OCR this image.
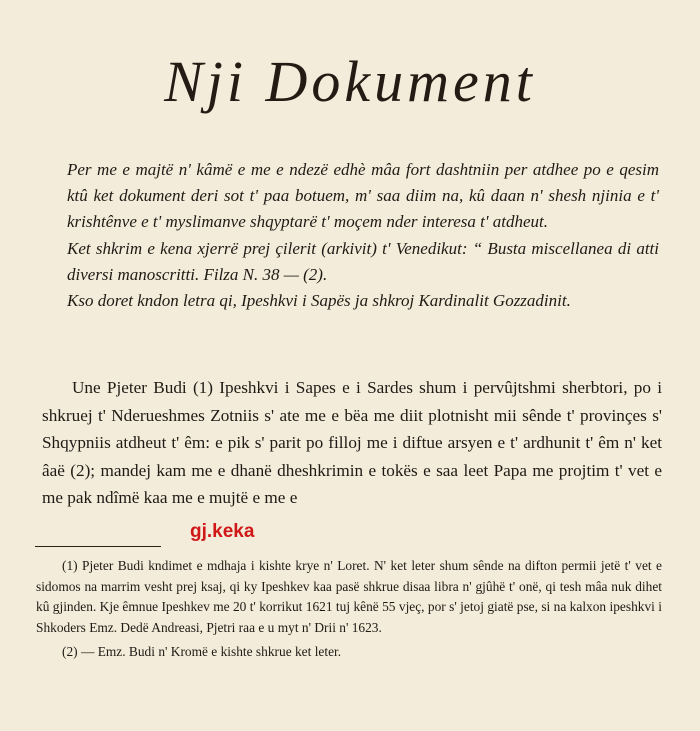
Nji Dokument

Per me e majtë n' kâmë e me e ndezë edhè mâa fort dashtniin per atdhee po e qesim ktû ket dokument deri sot t' paa botuem, m' saa diim na, kû daan n' shesh njinia e t' krishtênve e t' myslimanve shqyptarë t' moçem nder interesa t' atdheut.

Ket shkrim e kena xjerrë prej çilerit (arkivit) t' Venedikut: “ Busta miscellanea di atti diversi manoscritti. Filza N. 38 — (2).

Kso doret kndon letra qi, Ipeshkvi i Sapës ja shkroj Kardinalit Gozzadinit.

Une Pjeter Budi (1) Ipeshkvi i Sapes e i Sardes shum i pervûjtshmi sherbtori, po i shkruej t' Nderueshmes Zotniis s' ate me e bëa me diit plotnisht mii sênde t' provinçes s' Shqypniis atdheut t' êm: e pik s' parit po filloj me i diftue arsyen e t' ardhunit t' êm n' ket âaë (2); mandej kam me e dhanë dheshkrimin e tokës e saa leet Papa me projtim t' vet e me pak ndîmë kaa me e mujtë e me e

gj.keka

(1) Pjeter Budi kndimet e mdhaja i kishte krye n' Loret. N' ket leter shum sênde na difton permii jetë t' vet e sidomos na marrim vesht prej ksaj, qi ky Ipeshkev kaa pasë shkrue disaa libra n' gjûhë t' onë, qi tesh mâa nuk dihet kû gjinden. Kje êmnue Ipeshkev me 20 t' korrikut 1621 tuj kênë 55 vjeç, por s' jetoj giatë pse, si na kalxon ipeshkvi i Shkoders Emz. Dedë Andreasi, Pjetri raa e u myt n' Drii n' 1623.

(2) — Emz. Budi n' Kromë e kishte shkrue ket leter.
